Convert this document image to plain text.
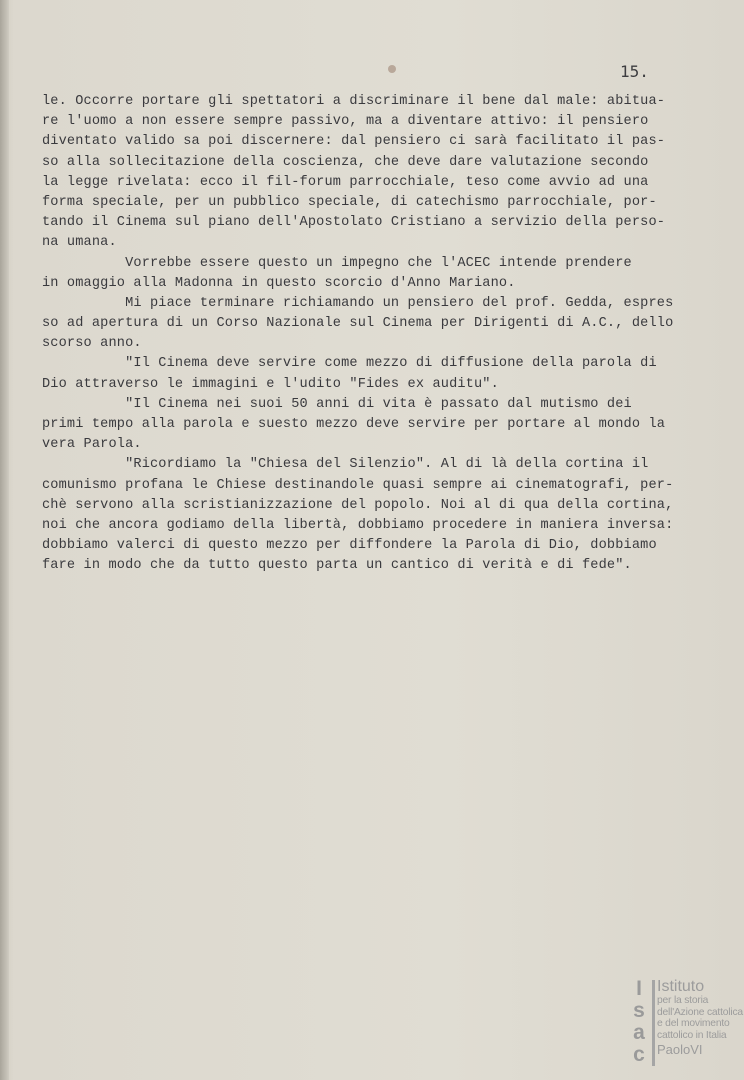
15.
le. Occorre portare gli spettatori a discriminare il bene dal male: abitua-
re l'uomo a non essere sempre passivo, ma a diventare attivo: il pensiero
diventato valido sa poi discernere: dal pensiero ci sarà facilitato il pas-
so alla sollecitazione della coscienza, che deve dare valutazione secondo
la legge rivelata: ecco il fil-forum parrocchiale, teso come avvio ad una
forma speciale, per un pubblico speciale, di catechismo parrocchiale, por-
tando il Cinema sul piano dell'Apostolato Cristiano a servizio della perso-
na umana.
Vorrebbe essere questo un impegno che l'ACEC intende prendere
in omaggio alla Madonna in questo scorcio d'Anno Mariano.
Mi piace terminare richiamando un pensiero del prof. Gedda, espres
so ad apertura di un Corso Nazionale sul Cinema per Dirigenti di A.C., dello
scorso anno.
"Il Cinema deve servire come mezzo di diffusione della parola di
Dio attraverso le immagini e l'udito "Fides ex auditu".
"Il Cinema nei suoi 50 anni di vita è passato dal mutismo dei
primi tempo alla parola e suesto mezzo deve servire per portare al mondo la
vera Parola.
"Ricordiamo la "Chiesa del Silenzio". Al di là della cortina il
comunismo profana le Chiese destinandole quasi sempre ai cinematografi, per-
chè servono alla scristianizzazione del popolo. Noi al di qua della cortina,
noi che ancora godiamo della libertà, dobbiamo procedere in maniera inversa:
dobbiamo valerci di questo mezzo per diffondere la Parola di Dio, dobbiamo
fare in modo che da tutto questo parta un cantico di verità e di fede".
I
s
a
c
Istituto
per la storia
dell'Azione cattolica
e del movimento
cattolico in Italia
PaoloVI
